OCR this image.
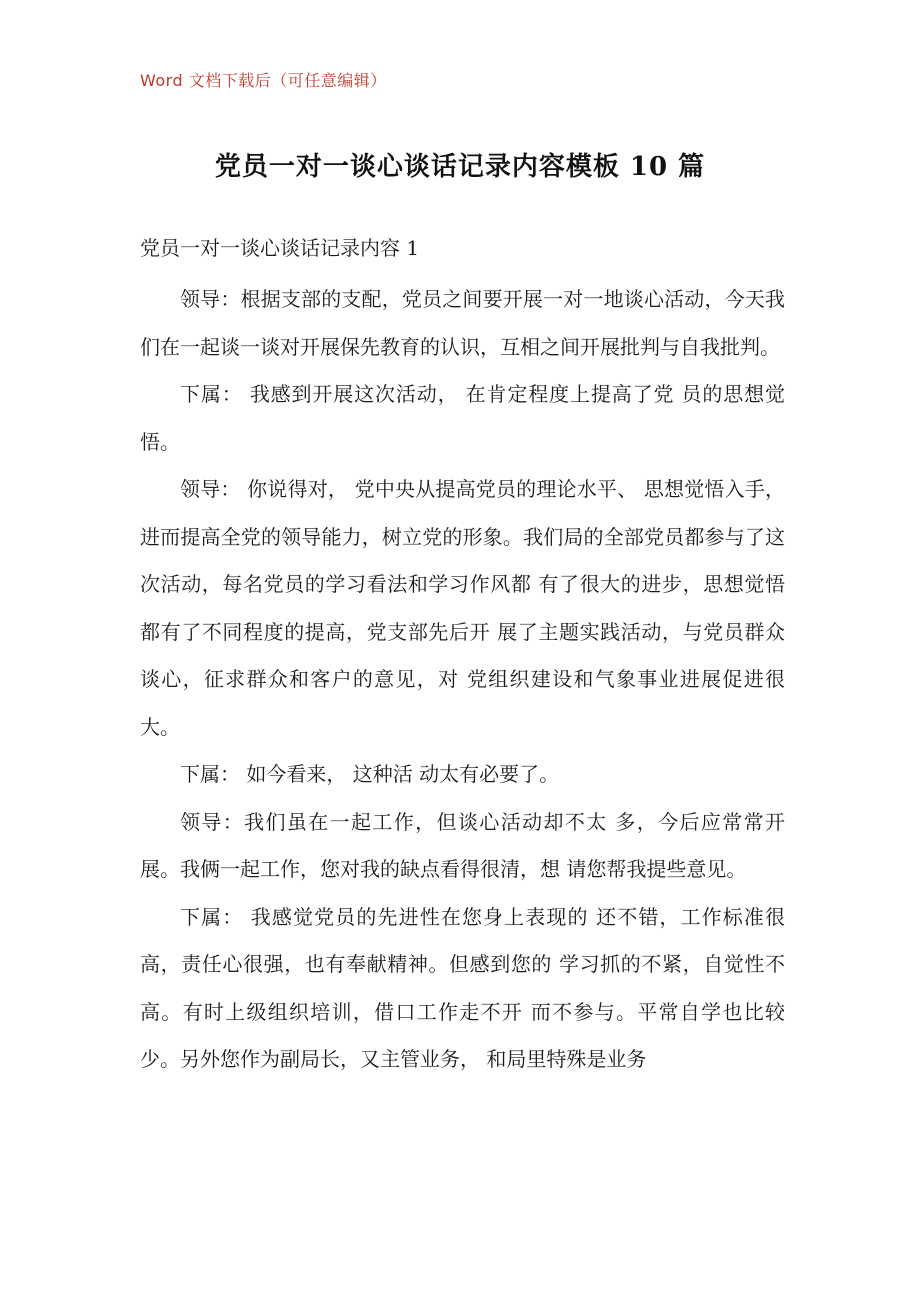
Word 文档下载后（可任意编辑）
党员一对一谈心谈话记录内容模板 10 篇
党员一对一谈心谈话记录内容 1

领导：根据支部的支配，党员之间要开展一对一地谈心活动，今天我们在一起谈一谈对开展保先教育的认识，互相之间开展批判与自我批判。

下属： 我感到开展这次活动， 在肯定程度上提高了党 员的思想觉悟。

领导： 你说得对， 党中央从提高党员的理论水平、 思想觉悟入手，进而提高全党的领导能力，树立党的形象。我们局的全部党员都参与了这次活动，每名党员的学习看法和学习作风都 有了很大的进步，思想觉悟都有了不同程度的提高，党支部先后开 展了主题实践活动，与党员群众谈心，征求群众和客户的意见，对 党组织建设和气象事业进展促进很大。

下属： 如今看来， 这种活 动太有必要了。

领导：我们虽在一起工作，但谈心活动却不太 多，今后应常常开展。我俩一起工作，您对我的缺点看得很清，想 请您帮我提些意见。

下属： 我感觉党员的先进性在您身上表现的 还不错，工作标准很高，责任心很强，也有奉献精神。但感到您的 学习抓的不紧，自觉性不高。有时上级组织培训，借口工作走不开 而不参与。平常自学也比较少。另外您作为副局长，又主管业务， 和局里特殊是业务
